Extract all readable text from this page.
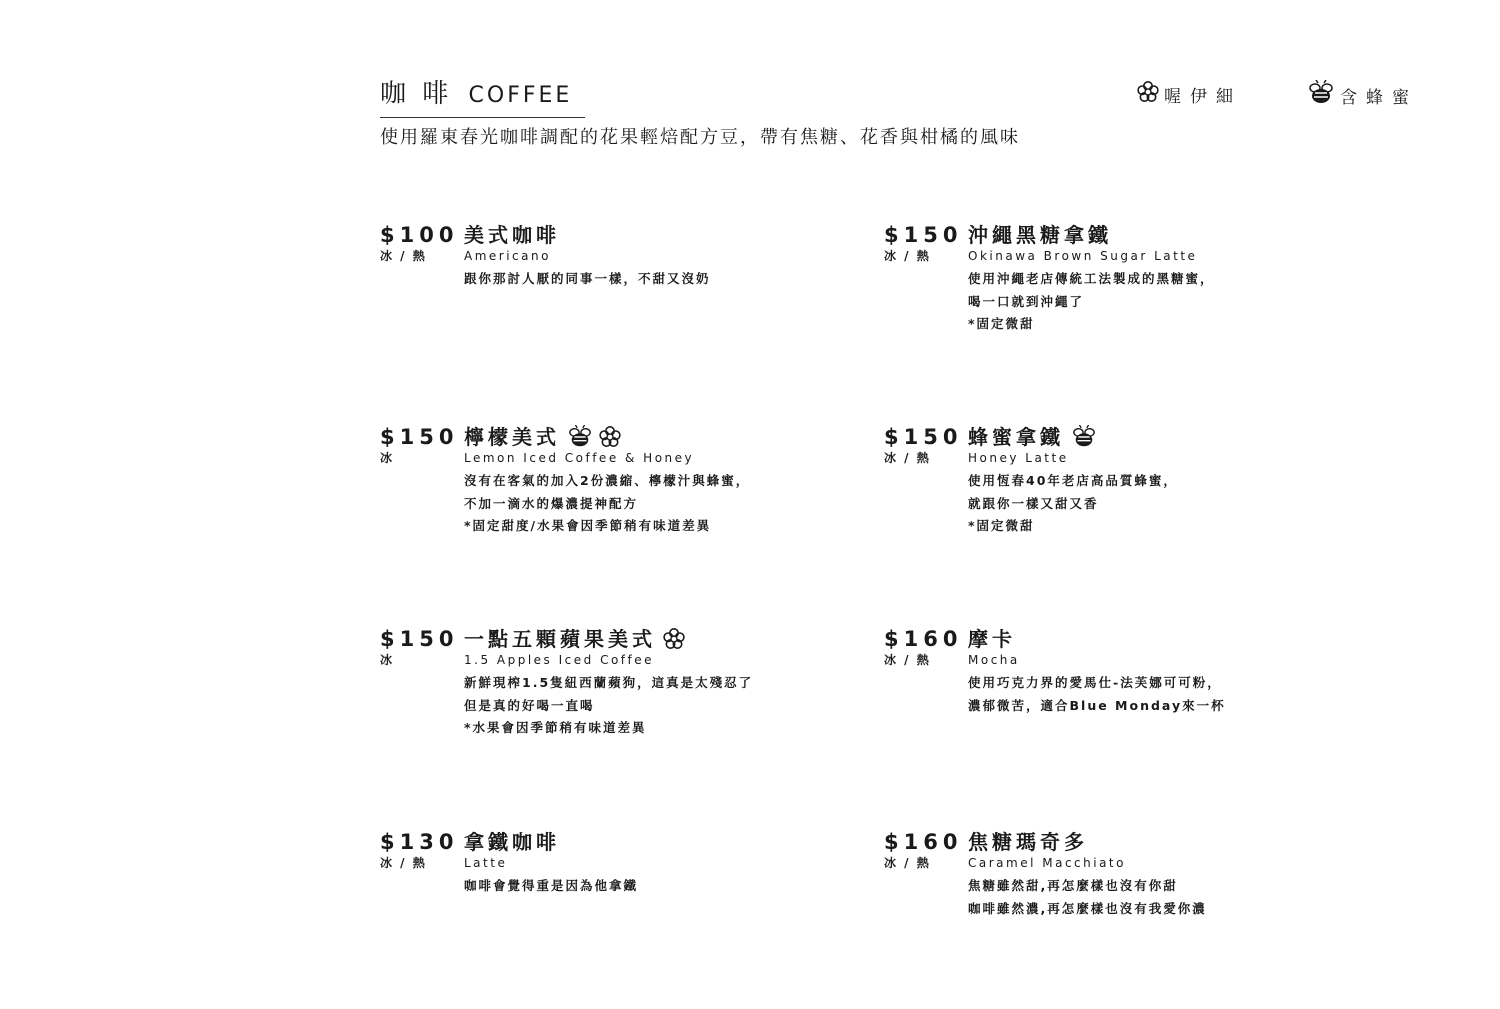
咖 啡 COFFEE
使用羅東春光咖啡調配的花果輕焙配方豆，帶有焦糖、花香與柑橘的風味
喔伊細	含蜂蜜
$100
冰 / 熱
美式咖啡
Americano
跟你那討人厭的同事一樣，不甜又沒奶
$150
冰 / 熱
沖繩黑糖拿鐵
Okinawa Brown Sugar Latte
使用沖繩老店傳統工法製成的黑糖蜜，
喝一口就到沖繩了
*固定微甜
$150
冰
檸檬美式
Lemon Iced Coffee & Honey
沒有在客氣的加入2份濃縮、檸檬汁與蜂蜜，
不加一滴水的爆濃提神配方
*固定甜度/水果會因季節稍有味道差異
$150
冰 / 熱
蜂蜜拿鐵
Honey Latte
使用恆春40年老店高品質蜂蜜，
就跟你一樣又甜又香
*固定微甜
$150
冰
一點五顆蘋果美式
1.5 Apples Iced Coffee
新鮮現榨1.5隻紐西蘭蘋狗，這真是太殘忍了
但是真的好喝一直喝
*水果會因季節稍有味道差異
$160
冰 / 熱
摩卡
Mocha
使用巧克力界的愛馬仕-法芙娜可可粉，
濃郁微苦，適合Blue Monday來一杯
$130
冰 / 熱
拿鐵咖啡
Latte
咖啡會覺得重是因為他拿鐵
$160
冰 / 熱
焦糖瑪奇多
Caramel Macchiato
焦糖雖然甜,再怎麼樣也沒有你甜
咖啡雖然濃,再怎麼樣也沒有我愛你濃
